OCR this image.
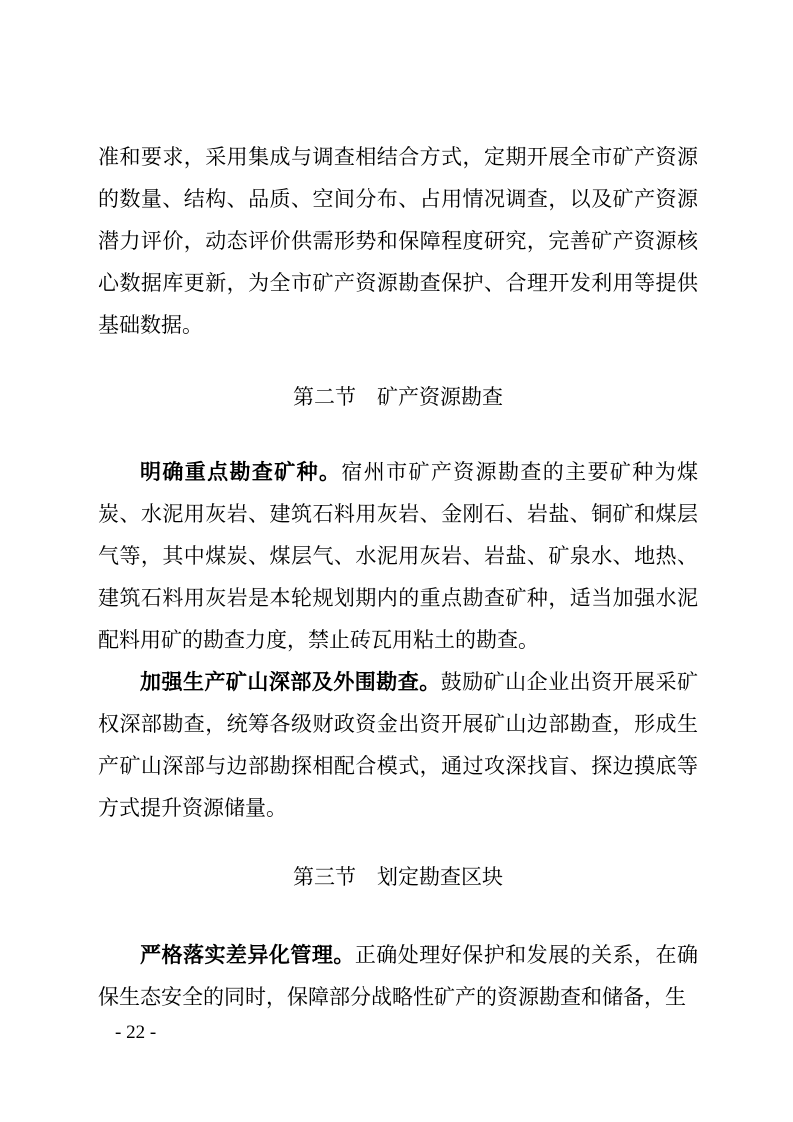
准和要求，采用集成与调查相结合方式，定期开展全市矿产资源的数量、结构、品质、空间分布、占用情况调查，以及矿产资源潜力评价，动态评价供需形势和保障程度研究，完善矿产资源核心数据库更新，为全市矿产资源勘查保护、合理开发利用等提供基础数据。

第二节　矿产资源勘查

明确重点勘查矿种。宿州市矿产资源勘查的主要矿种为煤炭、水泥用灰岩、建筑石料用灰岩、金刚石、岩盐、铜矿和煤层气等，其中煤炭、煤层气、水泥用灰岩、岩盐、矿泉水、地热、建筑石料用灰岩是本轮规划期内的重点勘查矿种，适当加强水泥配料用矿的勘查力度，禁止砖瓦用粘土的勘查。

加强生产矿山深部及外围勘查。鼓励矿山企业出资开展采矿权深部勘查，统筹各级财政资金出资开展矿山边部勘查，形成生产矿山深部与边部勘探相配合模式，通过攻深找盲、探边摸底等方式提升资源储量。

第三节　划定勘查区块

严格落实差异化管理。正确处理好保护和发展的关系，在确保生态安全的同时，保障部分战略性矿产的资源勘查和储备，生

- 22 -
